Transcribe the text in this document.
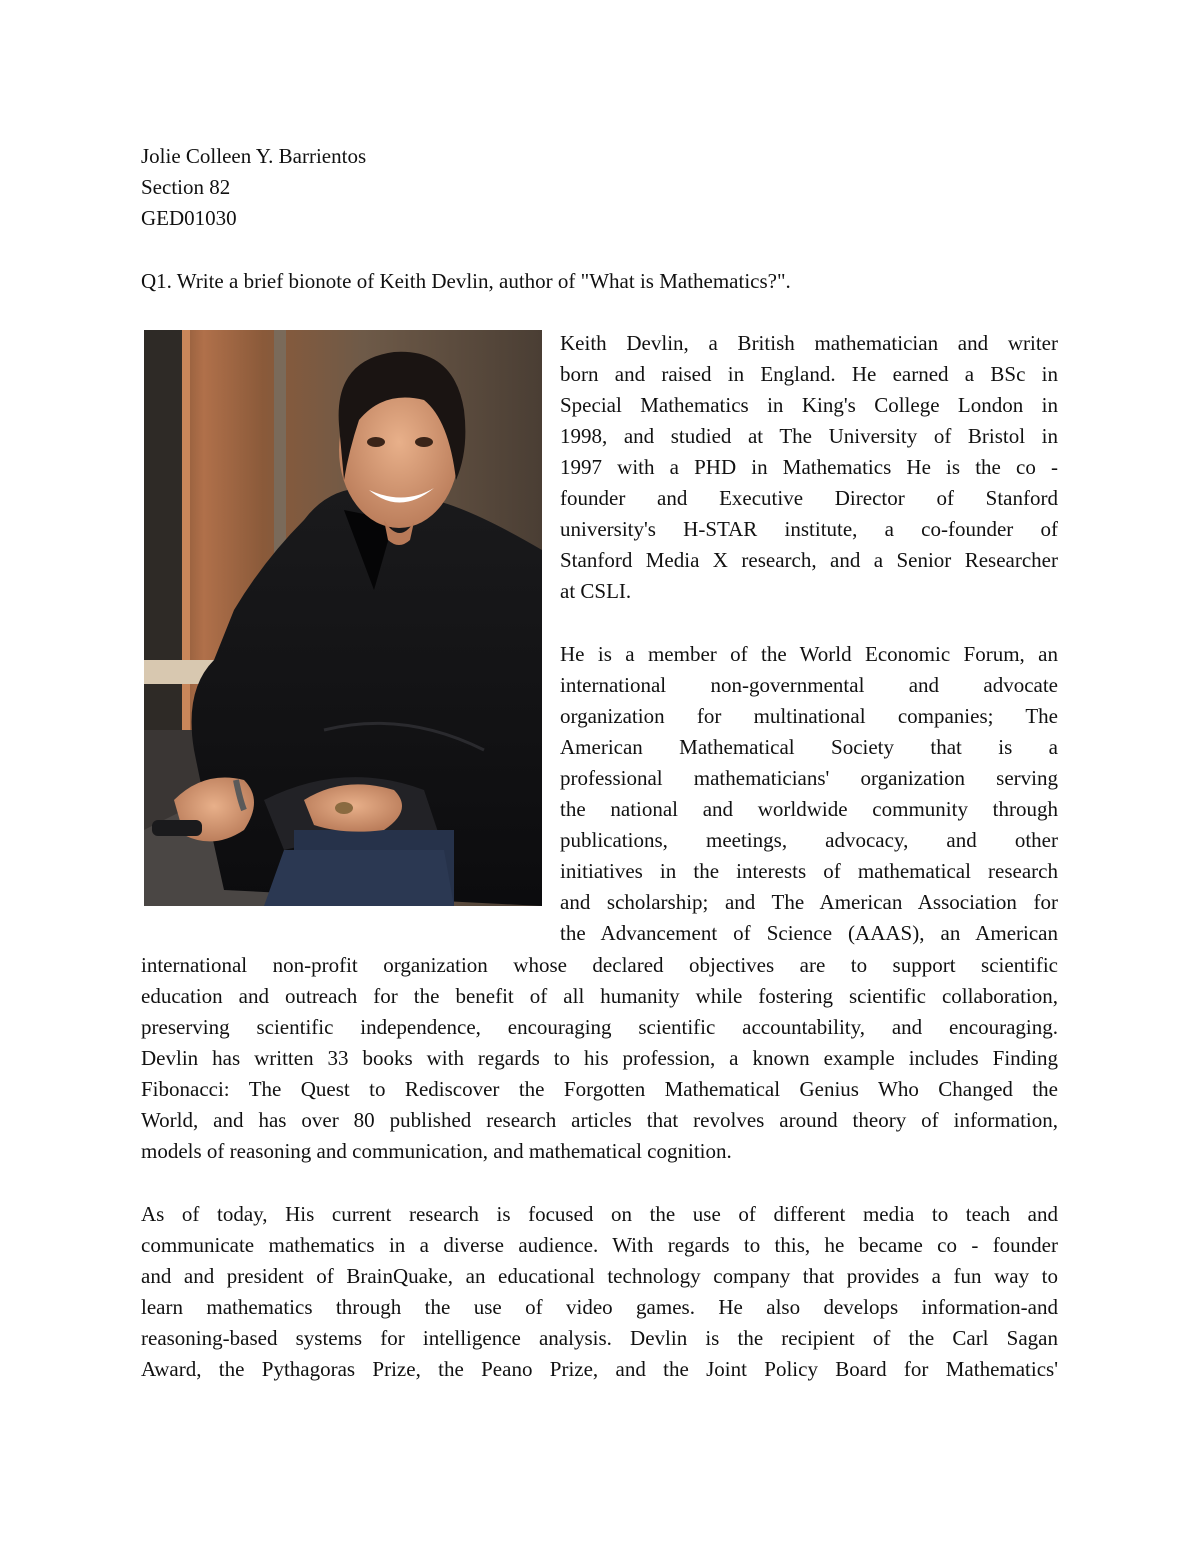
Jolie Colleen Y. Barrientos
Section 82
GED01030
Q1. Write a brief bionote of Keith Devlin, author of "What is Mathematics?".
Keith Devlin, a British mathematician and writer
born and raised in England. He earned a BSc in
Special Mathematics in King's College London in
1998, and studied at The University of Bristol in
1997 with a PHD in Mathematics He is the co -
founder and Executive Director of Stanford
university's H-STAR institute, a co-founder of
Stanford Media X research, and a Senior Researcher
at CSLI.
He is a member of the World Economic Forum, an
international non-governmental and advocate
organization for multinational companies; The
American Mathematical Society that is a
professional mathematicians' organization serving
the national and worldwide community through
publications, meetings, advocacy, and other
initiatives in the interests of mathematical research
and scholarship; and The American Association for
the Advancement of Science (AAAS), an American
international non-profit organization whose declared objectives are to support scientific
education and outreach for the benefit of all humanity while fostering scientific collaboration,
preserving scientific independence, encouraging scientific accountability, and encouraging.
Devlin has written 33 books with regards to his profession, a known example includes Finding
Fibonacci: The Quest to Rediscover the Forgotten Mathematical Genius Who Changed the
World, and has over 80 published research articles that revolves around theory of information,
models of reasoning and communication, and mathematical cognition.
As of today, His current research is focused on the use of different media to teach and
communicate mathematics in a diverse audience. With regards to this, he became co - founder
and and president of BrainQuake, an educational technology company that provides a fun way to
learn mathematics through the use of video games. He also develops information-and
reasoning-based systems for intelligence analysis. Devlin is the recipient of the Carl Sagan
Award, the Pythagoras Prize, the Peano Prize, and the Joint Policy Board for Mathematics'
